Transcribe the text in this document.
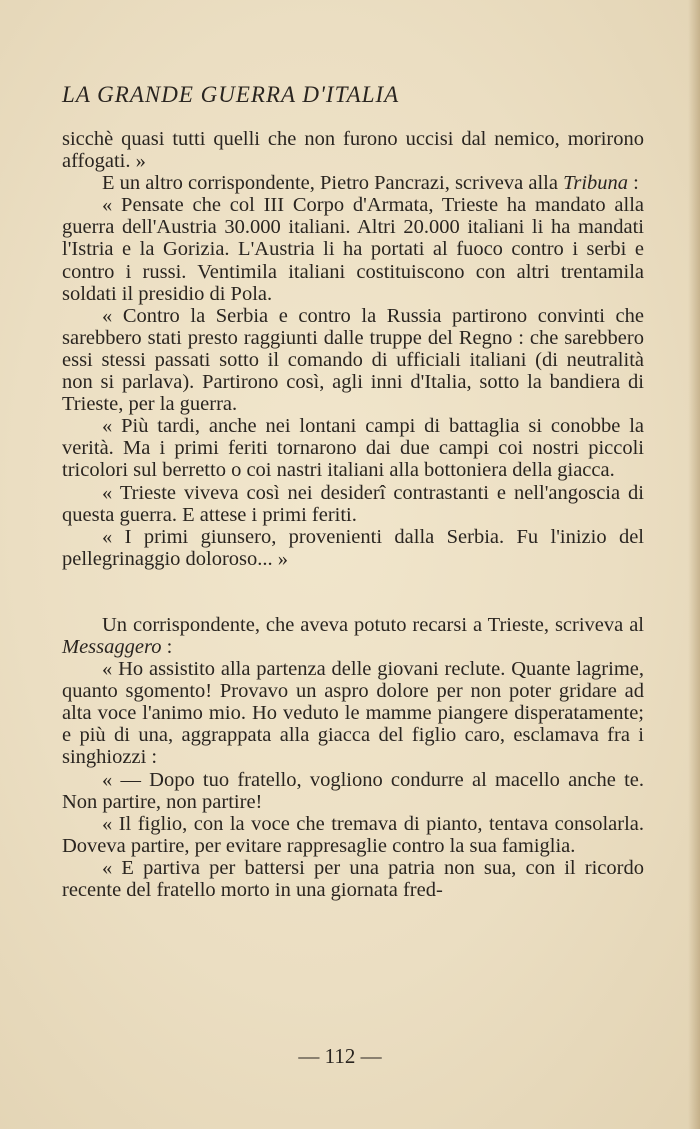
LA GRANDE GUERRA D'ITALIA

sicchè quasi tutti quelli che non furono uccisi dal nemico, morirono affogati. »

E un altro corrispondente, Pietro Pancrazi, scriveva alla Tribuna :

« Pensate che col III Corpo d'Armata, Trieste ha mandato alla guerra dell'Austria 30.000 italiani. Altri 20.000 italiani li ha mandati l'Istria e la Gorizia. L'Austria li ha portati al fuoco contro i serbi e contro i russi. Ventimila italiani costituiscono con altri trentamila soldati il presidio di Pola.

« Contro la Serbia e contro la Russia partirono convinti che sarebbero stati presto raggiunti dalle truppe del Regno : che sarebbero essi stessi passati sotto il comando di ufficiali italiani (di neutralità non si parlava). Partirono così, agli inni d'Italia, sotto la bandiera di Trieste, per la guerra.

« Più tardi, anche nei lontani campi di battaglia si conobbe la verità. Ma i primi feriti tornarono dai due campi coi nostri piccoli tricolori sul berretto o coi nastri italiani alla bottoniera della giacca.

« Trieste viveva così nei desiderî contrastanti e nell'angoscia di questa guerra. E attese i primi feriti.

« I primi giunsero, provenienti dalla Serbia. Fu l'inizio del pellegrinaggio doloroso... »

Un corrispondente, che aveva potuto recarsi a Trieste, scriveva al Messaggero :

« Ho assistito alla partenza delle giovani reclute. Quante lagrime, quanto sgomento! Provavo un aspro dolore per non poter gridare ad alta voce l'animo mio. Ho veduto le mamme piangere disperatamente; e più di una, aggrappata alla giacca del figlio caro, esclamava fra i singhiozzi :

« — Dopo tuo fratello, vogliono condurre al macello anche te. Non partire, non partire!

« Il figlio, con la voce che tremava di pianto, tentava consolarla. Doveva partire, per evitare rappresaglie contro la sua famiglia.

« E partiva per battersi per una patria non sua, con il ricordo recente del fratello morto in una giornata fred-

— 112 —
